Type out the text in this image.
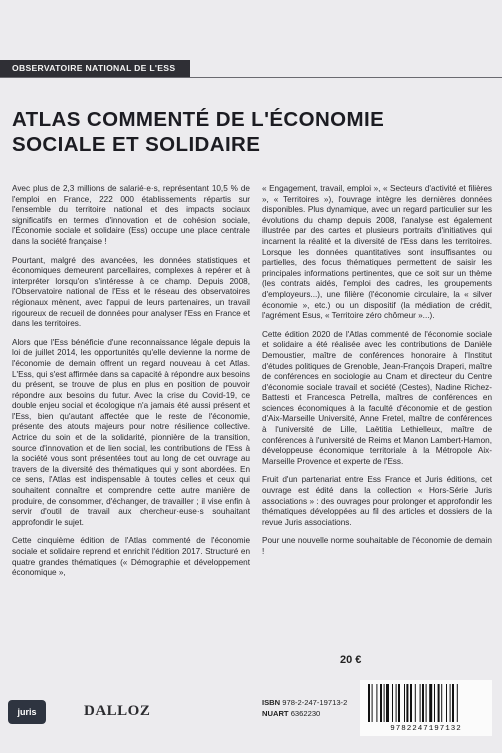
OBSERVATOIRE NATIONAL DE L'ESS
ATLAS COMMENTÉ DE L'ÉCONOMIE
SOCIALE ET SOLIDAIRE

Avec plus de 2,3 millions de salarié·e·s, représentant 10,5 % de l'emploi en France, 222 000 établissements répartis sur l'ensemble du territoire national et des impacts sociaux significatifs en termes d'innovation et de cohésion sociale, l'Économie sociale et solidaire (Ess) occupe une place centrale dans la société française !

Pourtant, malgré des avancées, les données statistiques et économiques demeurent parcellaires, complexes à repérer et à interpréter lorsqu'on s'intéresse à ce champ. Depuis 2008, l'Observatoire national de l'Ess et le réseau des observatoires régionaux mènent, avec l'appui de leurs partenaires, un travail rigoureux de recueil de données pour analyser l'Ess en France et dans les territoires.

Alors que l'Ess bénéficie d'une reconnaissance légale depuis la loi de juillet 2014, les opportunités qu'elle devienne la norme de l'économie de demain offrent un regard nouveau à cet Atlas. L'Ess, qui s'est affirmée dans sa capacité à répondre aux besoins du présent, se trouve de plus en plus en position de pouvoir répondre aux besoins du futur. Avec la crise du Covid-19, ce double enjeu social et écologique n'a jamais été aussi présent et l'Ess, bien qu'autant affectée que le reste de l'économie, présente des atouts majeurs pour notre résilience collective. Actrice du soin et de la solidarité, pionnière de la transition, source d'innovation et de lien social, les contributions de l'Ess à la société vous sont présentées tout au long de cet ouvrage au travers de la diversité des thématiques qui y sont abordées. En ce sens, l'Atlas est indispensable à toutes celles et ceux qui souhaitent connaître et comprendre cette autre manière de produire, de consommer, d'échanger, de travailler ; il vise enfin à servir d'outil de travail aux chercheur·euse·s souhaitant approfondir le sujet.

Cette cinquième édition de l'Atlas commenté de l'économie sociale et solidaire reprend et enrichit l'édition 2017. Structuré en quatre grandes thématiques (« Démographie et développement économique »,

« Engagement, travail, emploi », « Secteurs d'activité et filières », « Territoires »), l'ouvrage intègre les dernières données disponibles. Plus dynamique, avec un regard particulier sur les évolutions du champ depuis 2008, l'analyse est également illustrée par des cartes et plusieurs portraits d'initiatives qui incarnent la réalité et la diversité de l'Ess dans les territoires. Lorsque les données quantitatives sont insuffisantes ou partielles, des focus thématiques permettent de saisir les principales informations pertinentes, que ce soit sur un thème (les contrats aidés, l'emploi des cadres, les groupements d'employeurs...), une filière (l'économie circulaire, la « silver économie », etc.) ou un dispositif (la médiation de crédit, l'agrément Esus, « Territoire zéro chômeur »...).

Cette édition 2020 de l'Atlas commenté de l'économie sociale et solidaire a été réalisée avec les contributions de Danièle Demoustier, maître de conférences honoraire à l'Institut d'études politiques de Grenoble, Jean-François Draperi, maître de conférences en sociologie au Cnam et directeur du Centre d'économie sociale travail et société (Cestes), Nadine Richez-Battesti et Francesca Petrella, maîtres de conférences en sciences économiques à la faculté d'économie et de gestion d'Aix-Marseille Université, Anne Fretel, maître de conférences à l'université de Lille, Laëtitia Lethielleux, maître de conférences à l'université de Reims et Manon Lambert-Hamon, développeuse économique territoriale à la Métropole Aix-Marseille Provence et experte de l'Ess.

Fruit d'un partenariat entre Ess France et Juris éditions, cet ouvrage est édité dans la collection « Hors-Série Juris associations » : des ouvrages pour prolonger et approfondir les thématiques développées au fil des articles et dossiers de la revue Juris associations.

Pour une nouvelle norme souhaitable de l'économie de demain !

20 €
juris	DALLOZ
ISBN 978-2-247-19713-2
NUART 6362230
9782247197132
